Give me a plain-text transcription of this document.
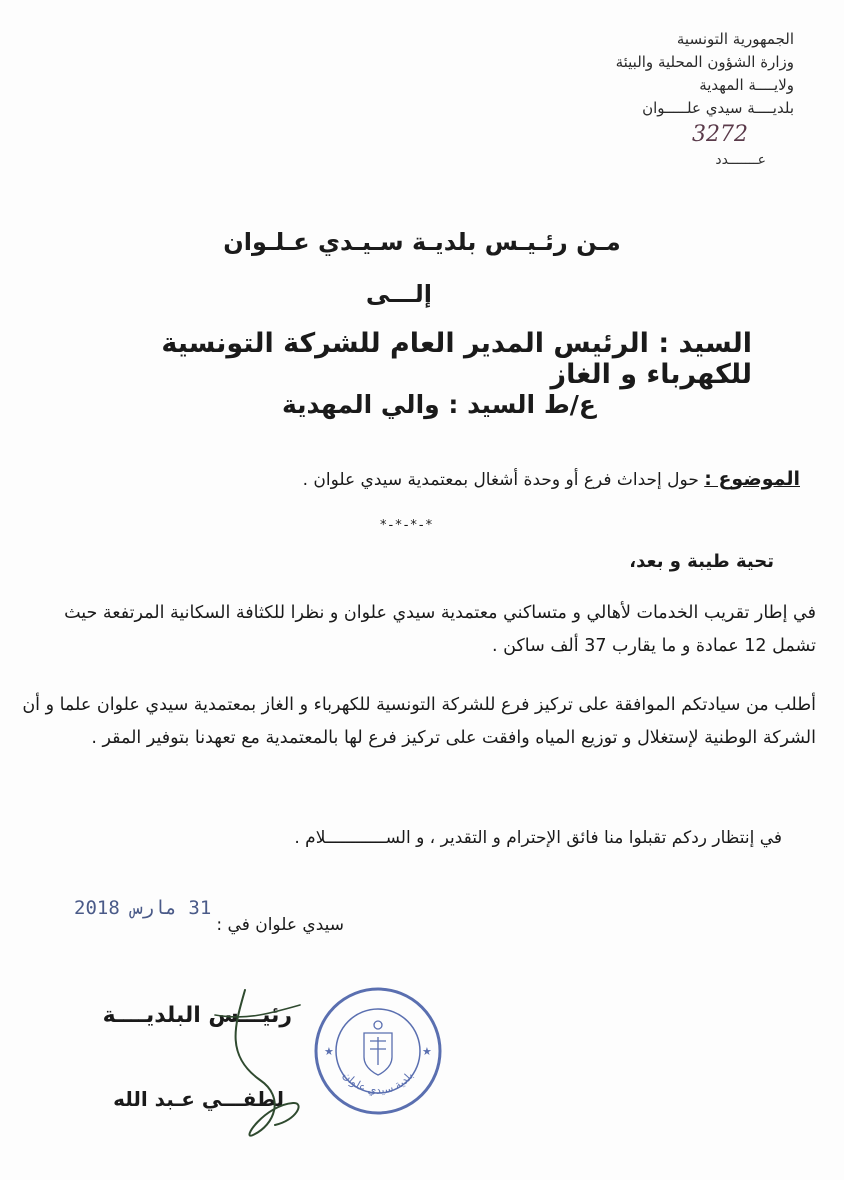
الجمهورية التونسية
وزارة الشؤون المحلية والبيئة
ولايــــة المهدية
بلديــــة سيدي علـــــوان
3272
عـــــــدد
مـن رئـيـس بلديـة سـيـدي عـلـوان
إلـــى
السيد : الرئيس المدير العام للشركة التونسية للكهرباء و الغاز
ع/ط السيد : والي المهدية
الموضوع : حول إحداث فرع أو وحدة أشغال بمعتمدية سيدي علوان .
*-*-*-*
تحية طيبة و بعد،
في إطار تقريب الخدمات لأهالي و متساكني معتمدية سيدي علوان و نظرا للكثافة السكانية المرتفعة حيث تشمل 12 عمادة و ما يقارب 37 ألف ساكن .
أطلب من سيادتكم الموافقة على تركيز فرع للشركة التونسية للكهرباء و الغاز بمعتمدية سيدي علوان علما و أن الشركة الوطنية لإستغلال و توزيع المياه وافقت على تركيز فرع لها بالمعتمدية مع تعهدنا بتوفير المقر .
في إنتظار ردكم تقبلوا منا فائق الإحترام و التقدير ، و الســــــــــــلام .
31 مارس 2018
سيدي علوان في :
رئيـــس البلديــــة
لطفـــي عـبد الله
★	★
بلدية سيدي علوان
